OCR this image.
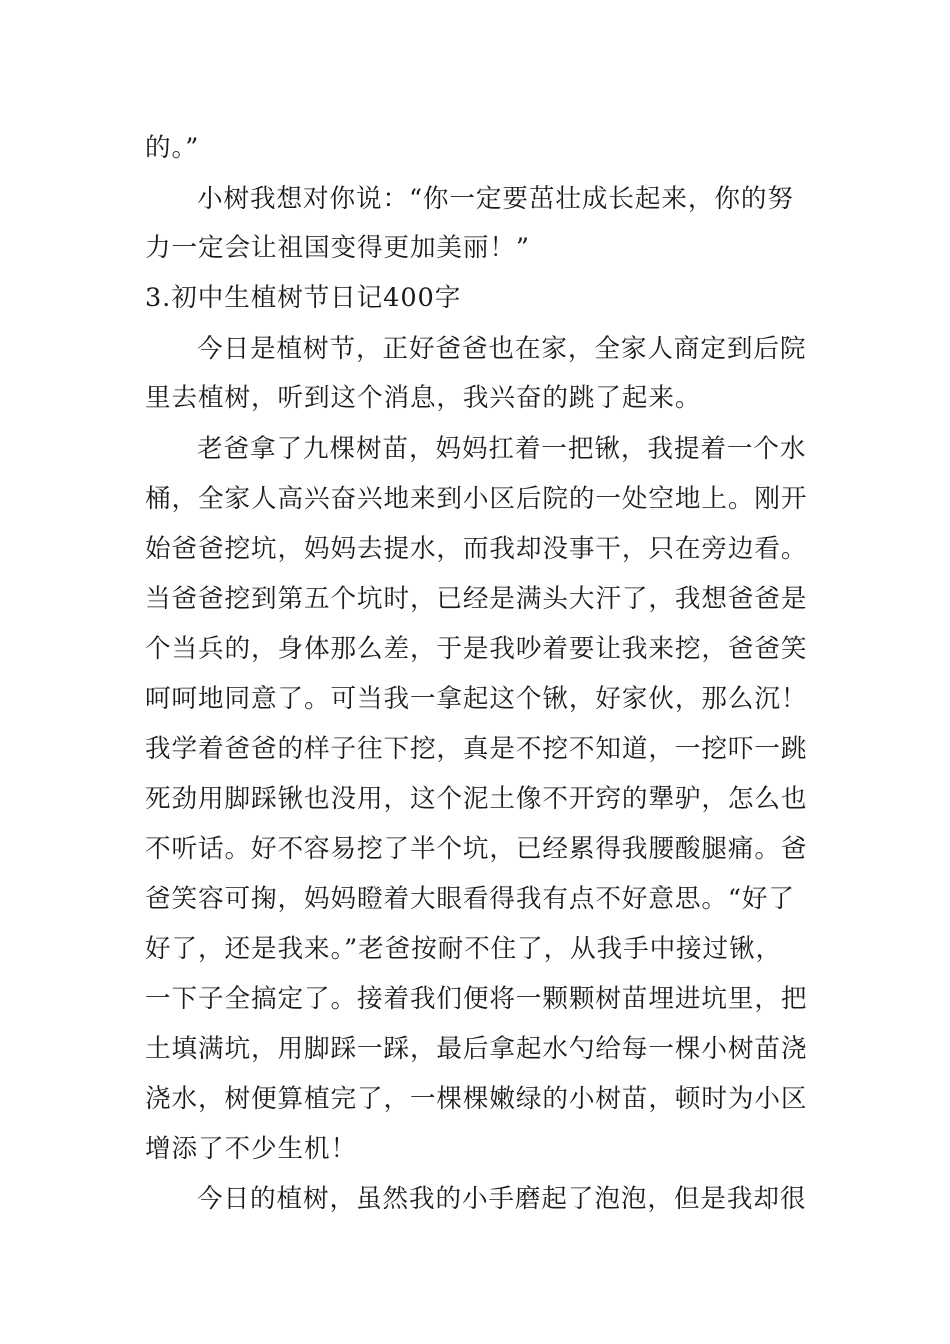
的。”
小树我想对你说：“你一定要茁壮成长起来，你的努
力一定会让祖国变得更加美丽！”
3.初中生植树节日记400字
今日是植树节，正好爸爸也在家，全家人商定到后院
里去植树，听到这个消息，我兴奋的跳了起来。
老爸拿了九棵树苗，妈妈扛着一把锹，我提着一个水
桶，全家人高兴奋兴地来到小区后院的一处空地上。刚开
始爸爸挖坑，妈妈去提水，而我却没事干，只在旁边看。
当爸爸挖到第五个坑时，已经是满头大汗了，我想爸爸是
个当兵的，身体那么差，于是我吵着要让我来挖，爸爸笑
呵呵地同意了。可当我一拿起这个锹，好家伙，那么沉！
我学着爸爸的样子往下挖，真是不挖不知道，一挖吓一跳
死劲用脚踩锹也没用，这个泥土像不开窍的犟驴，怎么也
不听话。好不容易挖了半个坑，已经累得我腰酸腿痛。爸
爸笑容可掬，妈妈瞪着大眼看得我有点不好意思。“好了
好了，还是我来。”老爸按耐不住了，从我手中接过锹，
一下子全搞定了。接着我们便将一颗颗树苗埋进坑里，把
土填满坑，用脚踩一踩，最后拿起水勺给每一棵小树苗浇
浇水，树便算植完了，一棵棵嫩绿的小树苗，顿时为小区
增添了不少生机！
今日的植树，虽然我的小手磨起了泡泡，但是我却很
